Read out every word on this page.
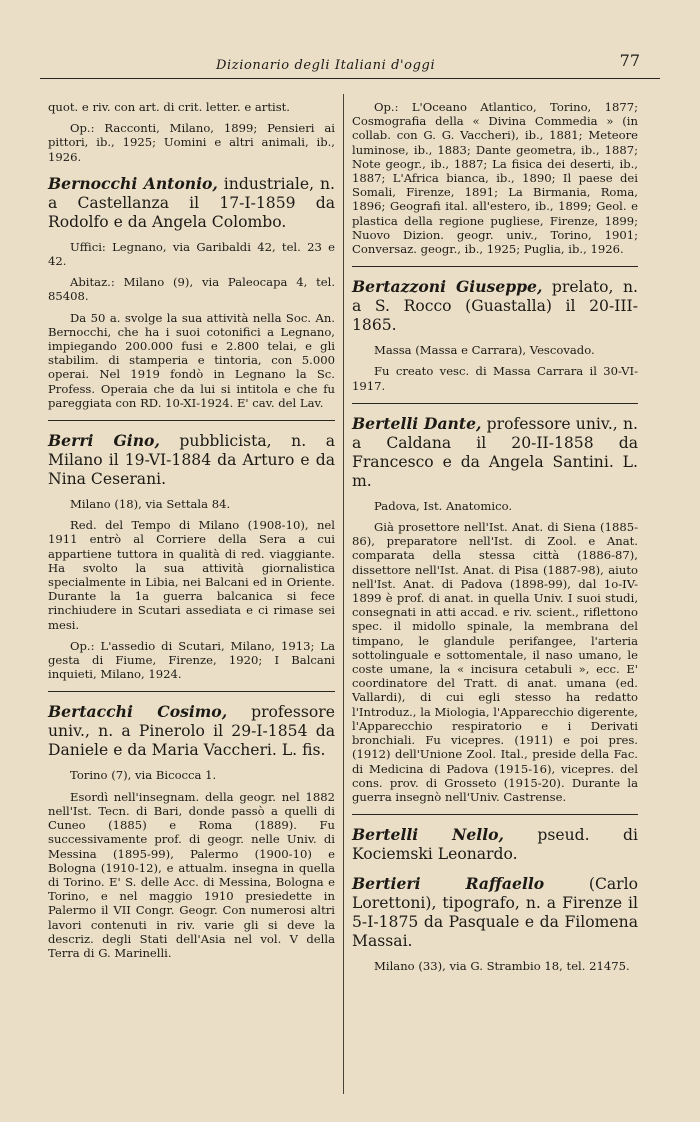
Dizionario degli Italiani d'oggi	77

quot. e riv. con art. di crit. letter. e artist.

Op.: Racconti, Milano, 1899; Pensieri ai pittori, ib., 1925; Uomini e altri animali, ib., 1926.

Bernocchi Antonio, industriale, n. a Castellanza il 17-I-1859 da Rodolfo e da Angela Colombo.

Uffici: Legnano, via Garibaldi 42, tel. 23 e 42.

Abitaz.: Milano (9), via Paleocapa 4, tel. 85408.

Da 50 a. svolge la sua attività nella Soc. An. Bernocchi, che ha i suoi cotonifici a Legnano, impiegando 200.000 fusi e 2.800 telai, e gli stabilim. di stamperia e tintoria, con 5.000 operai. Nel 1919 fondò in Legnano la Sc. Profess. Operaia che da lui si intitola e che fu pareggiata con RD. 10-XI-1924. E' cav. del Lav.

Berri Gino, pubblicista, n. a Milano il 19-VI-1884 da Arturo e da Nina Ceserani.

Milano (18), via Settala 84.

Red. del Tempo di Milano (1908-10), nel 1911 entrò al Corriere della Sera a cui appartiene tuttora in qualità di red. viaggiante. Ha svolto la sua attività giornalistica specialmente in Libia, nei Balcani ed in Oriente. Durante la 1a guerra balcanica si fece rinchiudere in Scutari assediata e ci rimase sei mesi.

Op.: L'assedio di Scutari, Milano, 1913; La gesta di Fiume, Firenze, 1920; I Balcani inquieti, Milano, 1924.

Bertacchi Cosimo, professore univ., n. a Pinerolo il 29-I-1854 da Daniele e da Maria Vaccheri. L. fis.

Torino (7), via Bicocca 1.

Esordì nell'insegnam. della geogr. nel 1882 nell'Ist. Tecn. di Bari, donde passò a quelli di Cuneo (1885) e Roma (1889). Fu successivamente prof. di geogr. nelle Univ. di Messina (1895-99), Palermo (1900-10) e Bologna (1910-12), e attualm. insegna in quella di Torino. E' S. delle Acc. di Messina, Bologna e Torino, e nel maggio 1910 presiedette in Palermo il VII Congr. Geogr. Con numerosi altri lavori contenuti in riv. varie gli si deve la descriz. degli Stati dell'Asia nel vol. V della Terra di G. Marinelli.

Op.: L'Oceano Atlantico, Torino, 1877; Cosmografia della « Divina Commedia » (in collab. con G. G. Vaccheri), ib., 1881; Meteore luminose, ib., 1883; Dante geometra, ib., 1887; Note geogr., ib., 1887; La fisica dei deserti, ib., 1887; L'Africa bianca, ib., 1890; Il paese dei Somali, Firenze, 1891; La Birmania, Roma, 1896; Geografi ital. all'estero, ib., 1899; Geol. e plastica della regione pugliese, Firenze, 1899; Nuovo Dizion. geogr. univ., Torino, 1901; Conversaz. geogr., ib., 1925; Puglia, ib., 1926.

Bertazzoni Giuseppe, prelato, n. a S. Rocco (Guastalla) il 20-III-1865.

Massa (Massa e Carrara), Vescovado.

Fu creato vesc. di Massa Carrara il 30-VI-1917.

Bertelli Dante, professore univ., n. a Caldana il 20-II-1858 da Francesco e da Angela Santini. L. m.

Padova, Ist. Anatomico.

Già prosettore nell'Ist. Anat. di Siena (1885-86), preparatore nell'Ist. di Zool. e Anat. comparata della stessa città (1886-87), dissettore nell'Ist. Anat. di Pisa (1887-98), aiuto nell'Ist. Anat. di Padova (1898-99), dal 1o-IV-1899 è prof. di anat. in quella Univ. I suoi studi, consegnati in atti accad. e riv. scient., riflettono spec. il midollo spinale, la membrana del timpano, le glandule perifangee, l'arteria sottolinguale e sottomentale, il naso umano, le coste umane, la « incisura cetabuli », ecc. E' coordinatore del Tratt. di anat. umana (ed. Vallardi), di cui egli stesso ha redatto l'Introduz., la Miologia, l'Apparecchio digerente, l'Apparecchio respiratorio e i Derivati bronchiali. Fu vicepres. (1911) e poi pres. (1912) dell'Unione Zool. Ital., preside della Fac. di Medicina di Padova (1915-16), vicepres. del cons. prov. di Grosseto (1915-20). Durante la guerra insegnò nell'Univ. Castrense.

Bertelli Nello, pseud. di Kociemski Leonardo.
Bertieri Raffaello (Carlo Lorettoni), tipografo, n. a Firenze il 5-I-1875 da Pasquale e da Filomena Massai.

Milano (33), via G. Strambio 18, tel. 21475.
